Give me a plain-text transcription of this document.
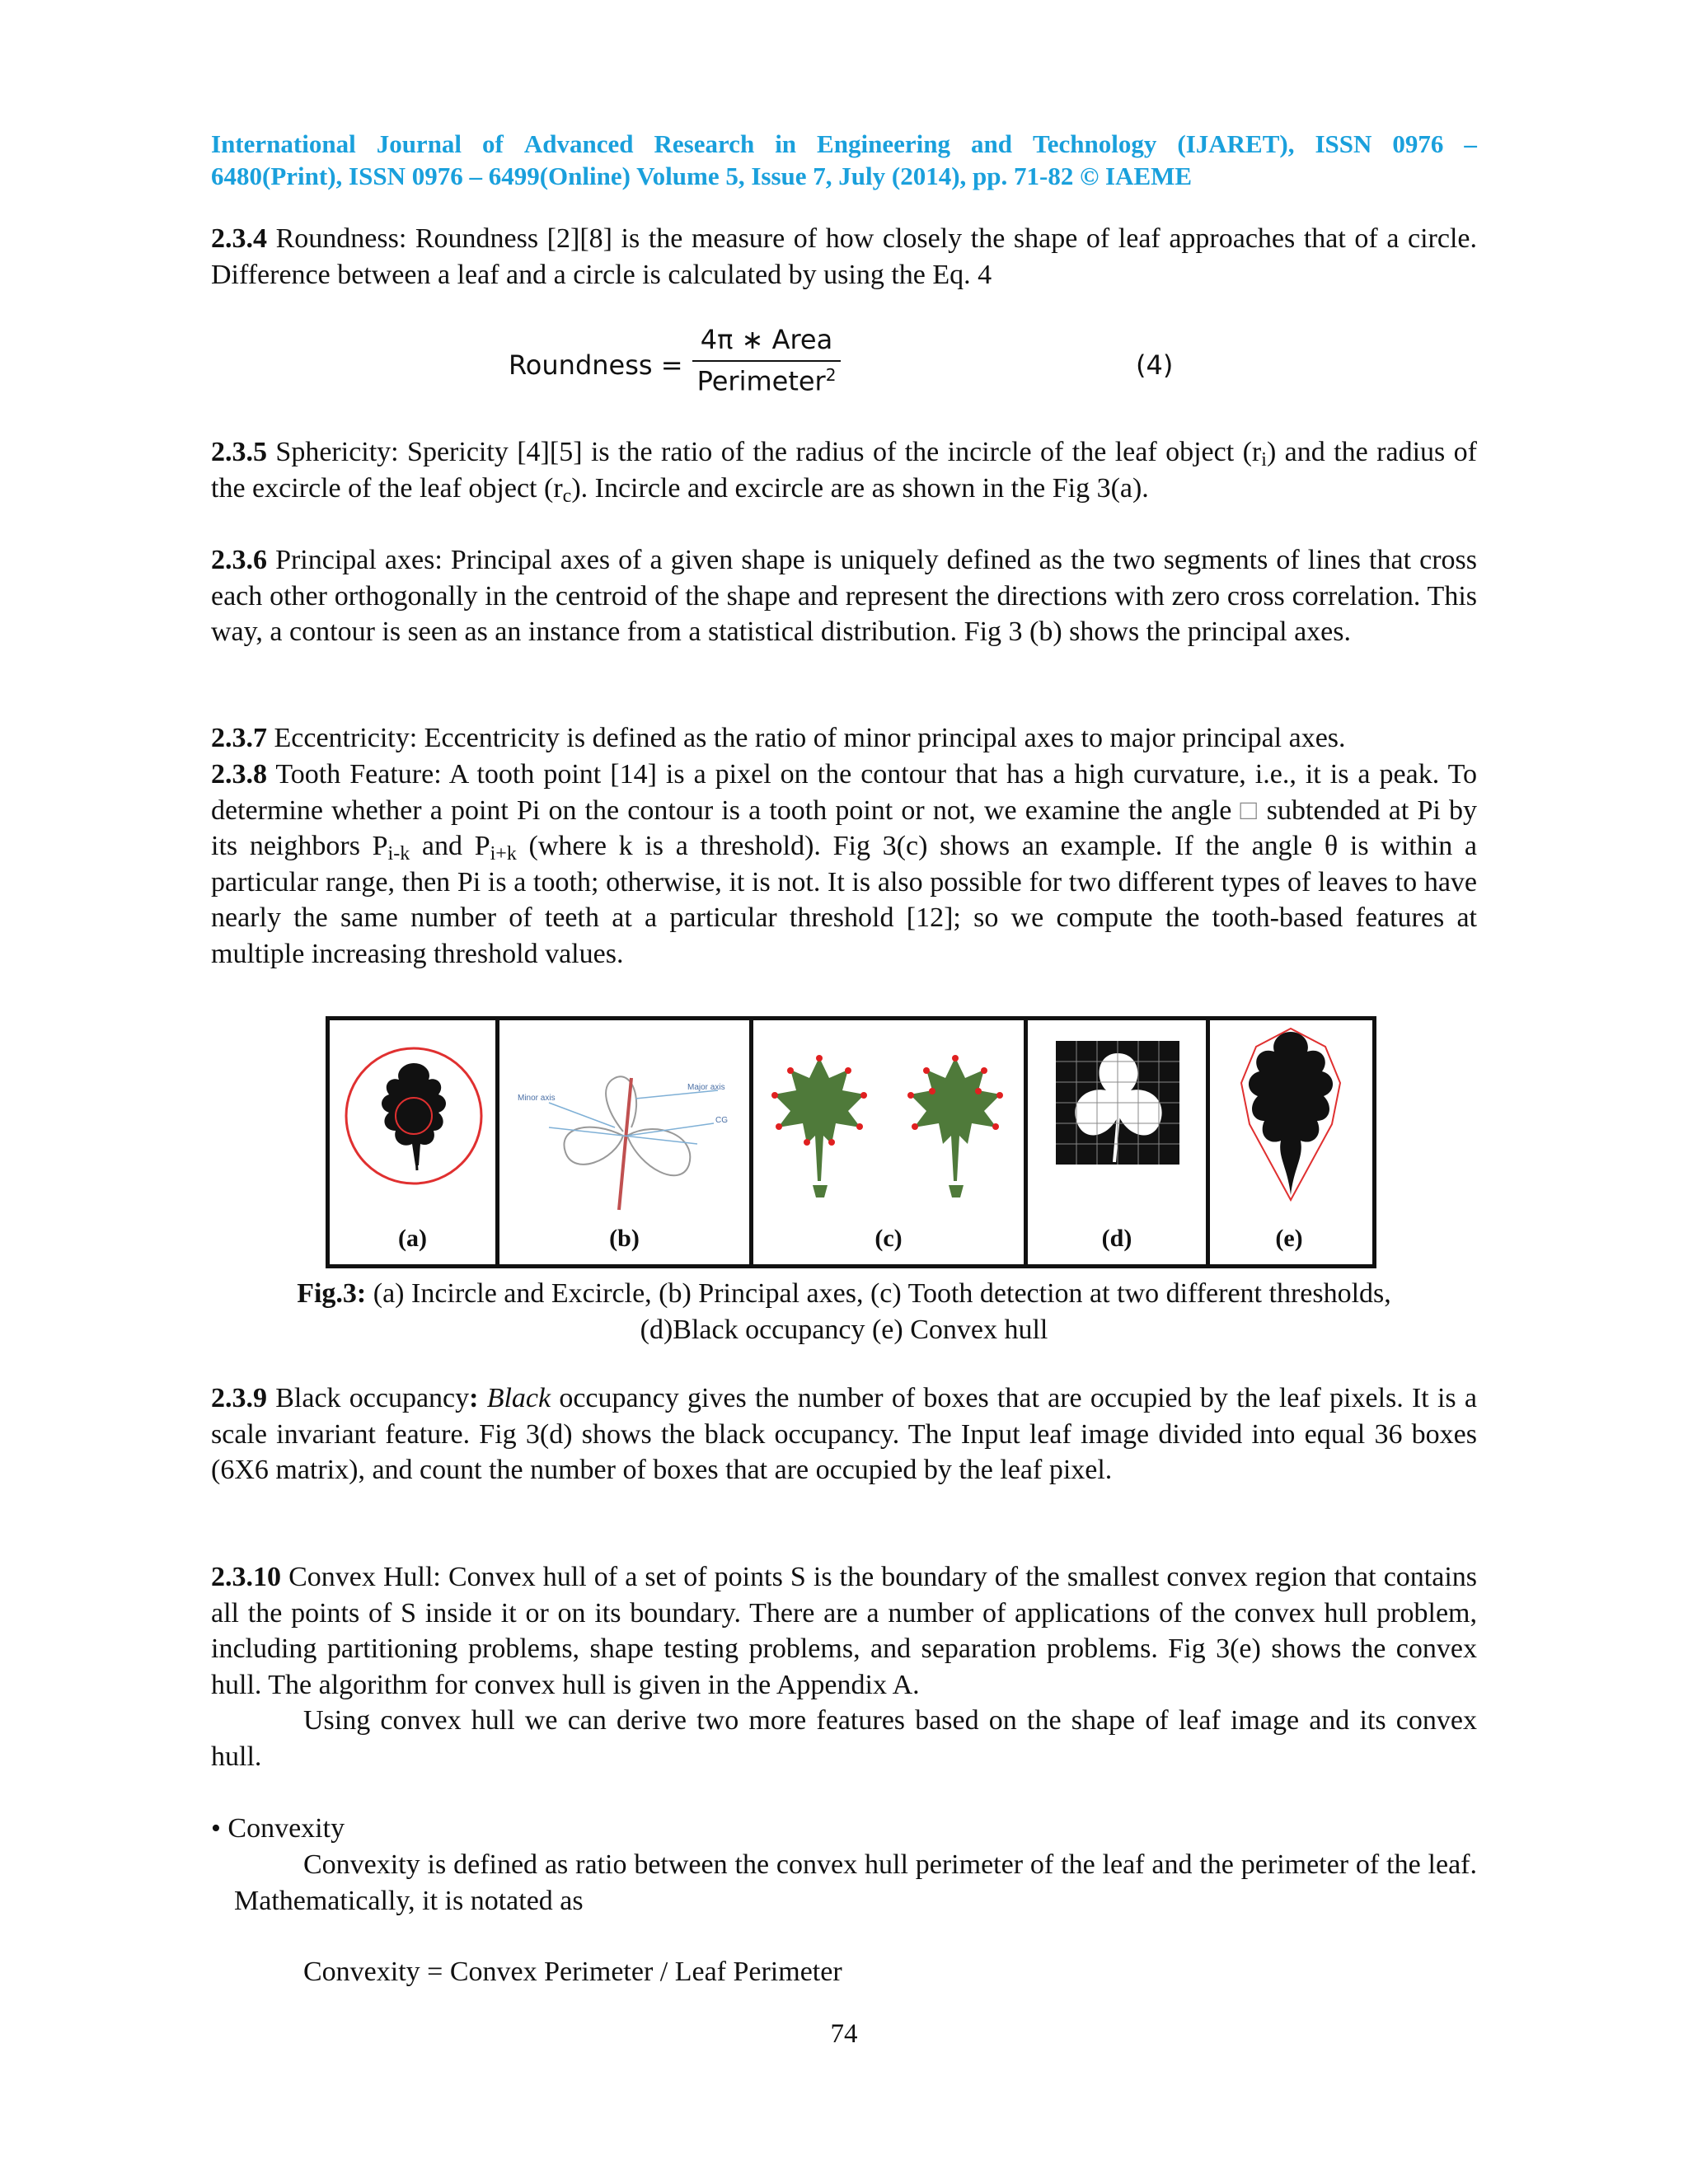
International Journal of Advanced Research in Engineering and Technology (IJARET), ISSN 0976 –
6480(Print), ISSN 0976 – 6499(Online) Volume 5, Issue 7, July (2014), pp. 71-82 © IAEME
2.3.4 Roundness: Roundness [2][8] is the measure of how closely the shape of leaf approaches that of a circle. Difference between a leaf and a circle is calculated by using the Eq. 4
Roundness =
4π ∗ Area
Perimeter$^2$	(4)
2.3.5 Sphericity: Spericity [4][5] is the ratio of the radius of the incircle of the leaf object $(r_i)$ and the radius of the excircle of the leaf object $(r_c)$. Incircle and excircle are as shown in the Fig 3(a).
2.3.6 Principal axes: Principal axes of a given shape is uniquely defined as the two segments of lines that cross each other orthogonally in the centroid of the shape and represent the directions with zero cross correlation. This way, a contour is seen as an instance from a statistical distribution. Fig 3 (b) shows the principal axes.
2.3.7 Eccentricity: Eccentricity is defined as the ratio of minor principal axes to major principal axes.
2.3.8 Tooth Feature: A tooth point [14] is a pixel on the contour that has a high curvature, i.e., it is a peak. To determine whether a point Pi on the contour is a tooth point or not, we examine the angle □ subtended at Pi by its neighbors $P_{i-k}$ and $P_{i+k}$ (where k is a threshold). Fig 3(c) shows an example. If the angle θ is within a particular range, then Pi is a tooth; otherwise, it is not. It is also possible for two different types of leaves to have nearly the same number of teeth at a particular threshold [12]; so we compute the tooth-based features at multiple increasing threshold values.
(a)
Minor axis
Major axis
CG
(b)	(c)	(d)	(e)
Fig.3: (a) Incircle and Excircle, (b) Principal axes, (c) Tooth detection at two different thresholds,
(d)Black occupancy (e) Convex hull
2.3.9 Black occupancy: Black occupancy gives the number of boxes that are occupied by the leaf pixels. It is a scale invariant feature. Fig 3(d) shows the black occupancy. The Input leaf image divided into equal 36 boxes (6X6 matrix), and count the number of boxes that are occupied by the leaf pixel.
2.3.10 Convex Hull: Convex hull of a set of points S is the boundary of the smallest convex region that contains all the points of S inside it or on its boundary. There are a number of applications of the convex hull problem, including partitioning problems, shape testing problems, and separation problems. Fig 3(e) shows the convex hull. The algorithm for convex hull is given in the Appendix A.
Using convex hull we can derive two more features based on the shape of leaf image and its convex hull.
• Convexity
Convexity is defined as ratio between the convex hull perimeter of the leaf and the perimeter of the leaf. Mathematically, it is notated as
Convexity = Convex Perimeter / Leaf Perimeter
74
